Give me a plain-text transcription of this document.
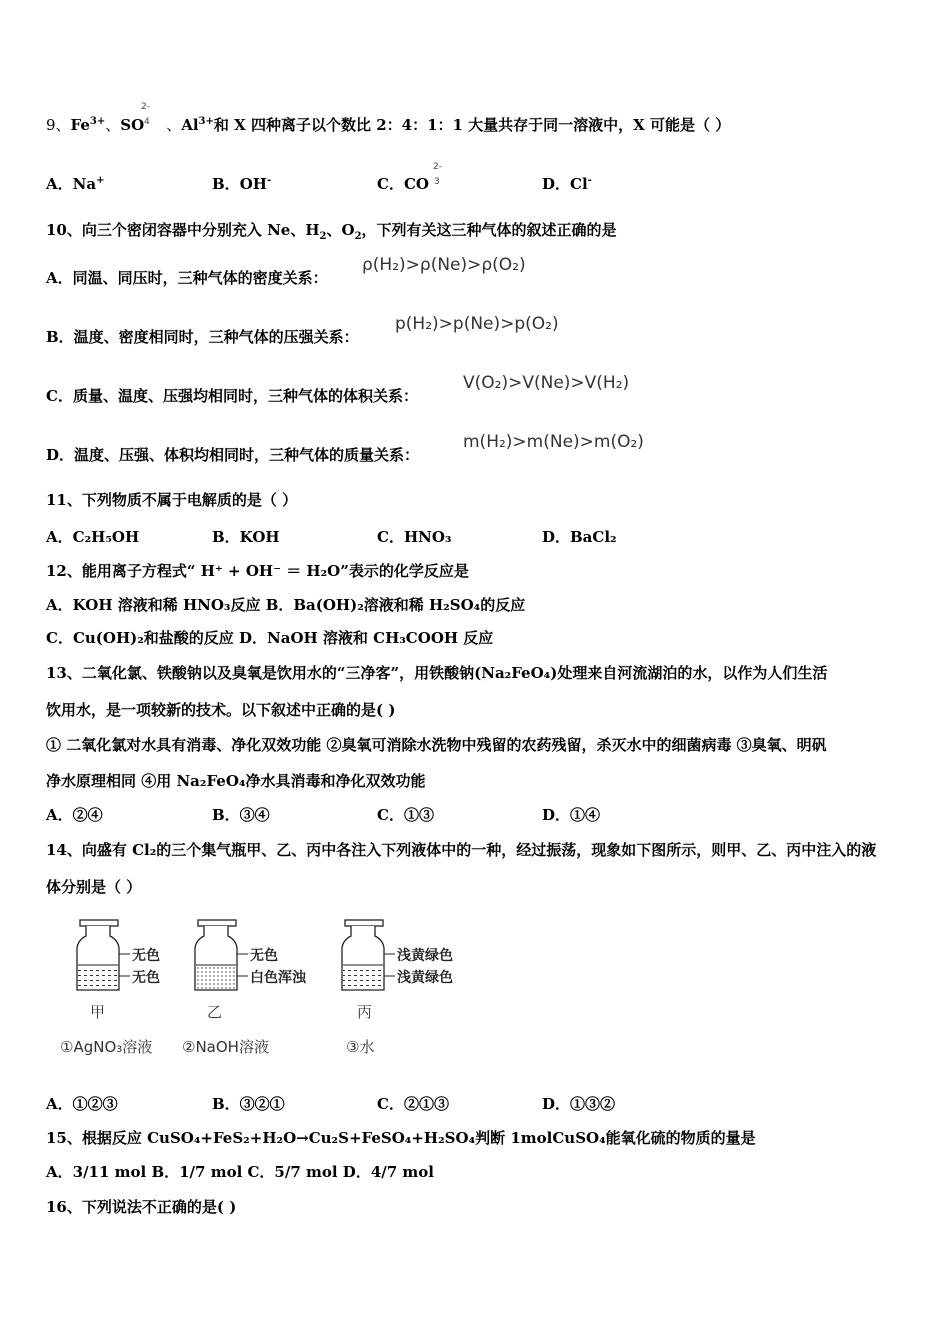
9、$Fe^{3+}$、SO 、$Al^{3+}$和 X 四种离子以个数比 2：4：1：1 大量共存于同一溶液中，X 可能是（ ）
2-
4
A．Na+	B．OH-	C．CO
2-
3	D．Cl-
10、向三个密闭容器中分别充入 Ne、$H_2$、$O_2$，下列有关这三种气体的叙述正确的是
A．同温、同压时，三种气体的密度关系：
ρ(H₂)>ρ(Ne)>ρ(O₂)
B．温度、密度相同时，三种气体的压强关系：
p(H₂)>p(Ne)>p(O₂)
C．质量、温度、压强均相同时，三种气体的体积关系：
V(O₂)>V(Ne)>V(H₂)
D．温度、压强、体积均相同时，三种气体的质量关系：
m(H₂)>m(Ne)>m(O₂)
11、下列物质不属于电解质的是（ ）
A．C₂H₅OH	B．KOH	C．HNO₃	D．BaCl₂
12、能用离子方程式“ H⁺ + OH⁻ ＝ H₂O”表示的化学反应是
A．KOH 溶液和稀 HNO₃反应 B．Ba(OH)₂溶液和稀 H₂SO₄的反应
C．Cu(OH)₂和盐酸的反应 D．NaOH 溶液和 CH₃COOH 反应
13、二氧化氯、铁酸钠以及臭氧是饮用水的“三净客”，用铁酸钠(Na₂FeO₄)处理来自河流湖泊的水，以作为人们生活
饮用水，是一项较新的技术。以下叙述中正确的是( )
① 二氧化氯对水具有消毒、净化双效功能 ②臭氧可消除水洗物中残留的农药残留，杀灭水中的细菌病毒 ③臭氧、明矾
净水原理相同 ④用 Na₂FeO₄净水具消毒和净化双效功能
A．②④	B．③④	C．①③	D．①④
14、向盛有 Cl₂的三个集气瓶甲、乙、丙中各注入下列液体中的一种，经过振荡，现象如下图所示，则甲、乙、丙中注入的液
体分别是（ ）
无色
无色
无色
白色浑浊
浅黄绿色
浅黄绿色
甲	乙	丙
①AgNO₃溶液 ②NaOH溶液	③水
A．①②③	B．③②①	C．②①③	D．①③②
15、根据反应 CuSO₄+FeS₂+H₂O→Cu₂S+FeSO₄+H₂SO₄判断 1molCuSO₄能氧化硫的物质的量是
A．3/11 mol B．1/7 mol C．5/7 mol D．4/7 mol
16、下列说法不正确的是( )
